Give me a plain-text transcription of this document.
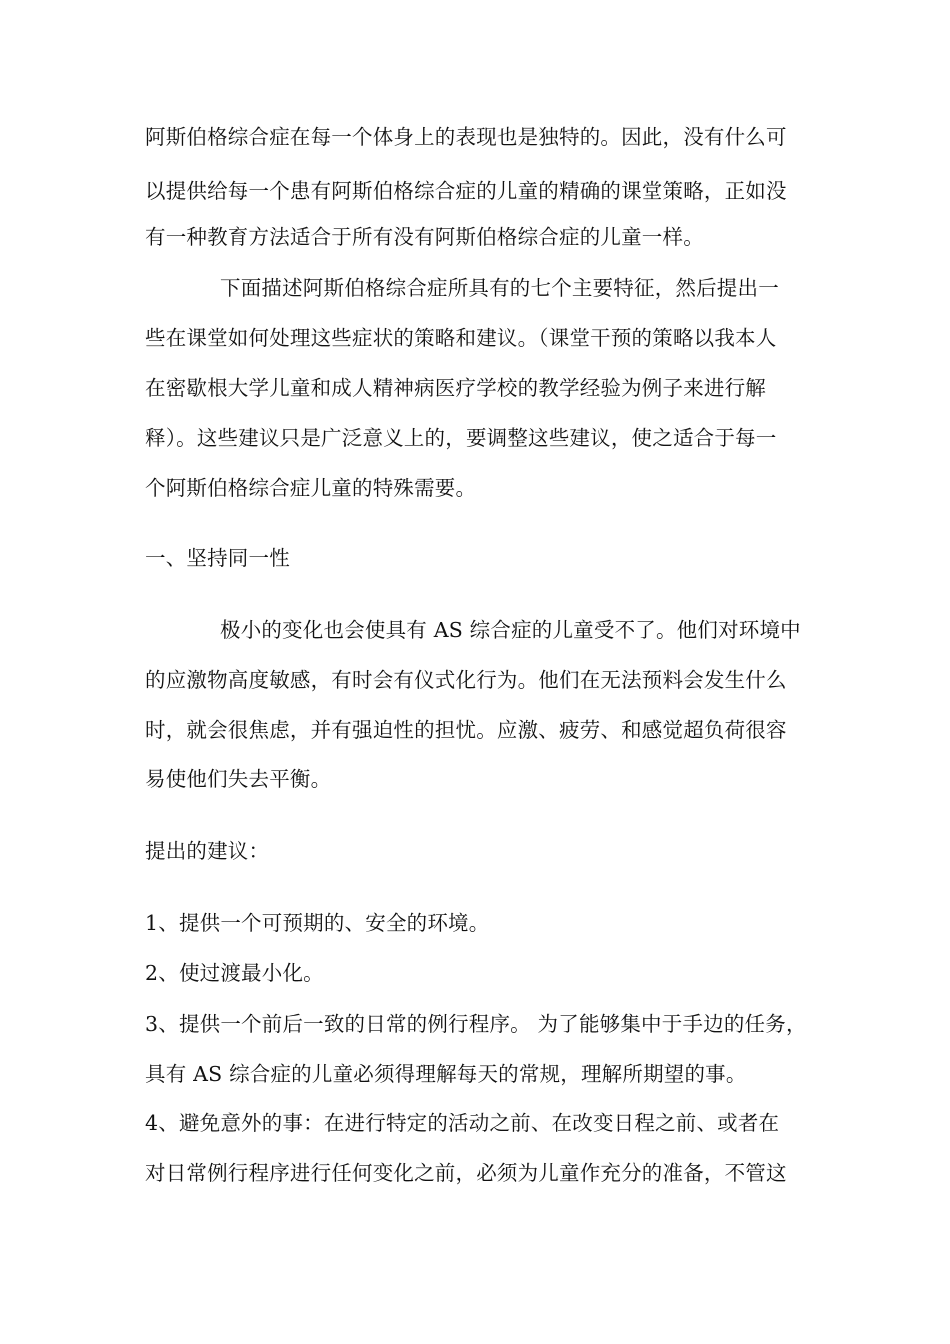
阿斯伯格综合症在每一个体身上的表现也是独特的。因此，没有什么可
以提供给每一个患有阿斯伯格综合症的儿童的精确的课堂策略，正如没
有一种教育方法适合于所有没有阿斯伯格综合症的儿童一样。
下面描述阿斯伯格综合症所具有的七个主要特征，然后提出一
些在课堂如何处理这些症状的策略和建议。（课堂干预的策略以我本人
在密歇根大学儿童和成人精神病医疗学校的教学经验为例子来进行解
释）。这些建议只是广泛意义上的，要调整这些建议，使之适合于每一
个阿斯伯格综合症儿童的特殊需要。
一、坚持同一性
极小的变化也会使具有 AS 综合症的儿童受不了。他们对环境中
的应激物高度敏感，有时会有仪式化行为。他们在无法预料会发生什么
时，就会很焦虑，并有强迫性的担忧。应激、疲劳、和感觉超负荷很容
易使他们失去平衡。
提出的建议：
1、提供一个可预期的、安全的环境。
2、使过渡最小化。
3、提供一个前后一致的日常的例行程序。 为了能够集中于手边的任务，
具有 AS 综合症的儿童必须得理解每天的常规，理解所期望的事。
4、避免意外的事：在进行特定的活动之前、在改变日程之前、或者在
对日常例行程序进行任何变化之前，必须为儿童作充分的准备，不管这
